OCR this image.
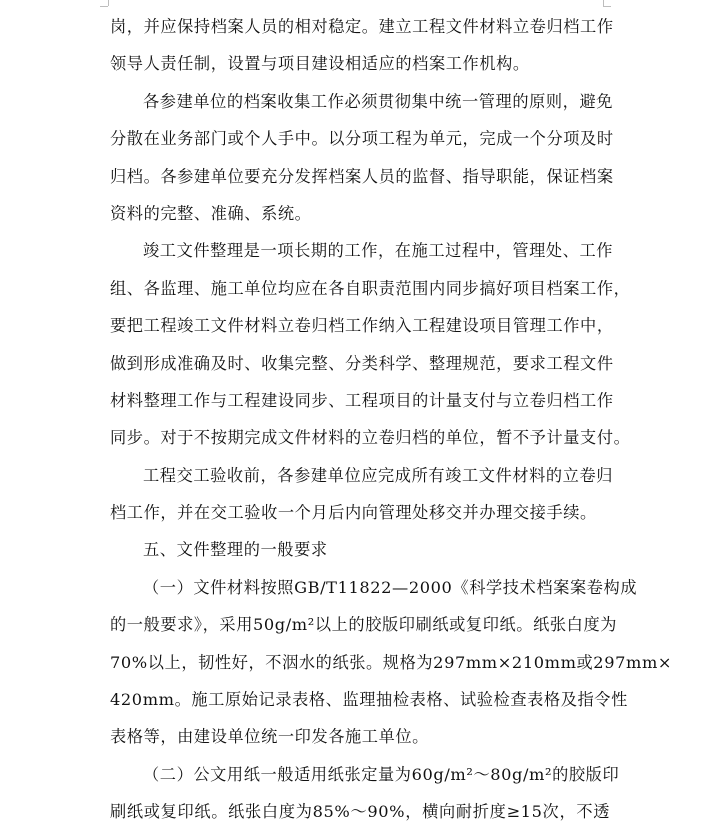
岗，并应保持档案人员的相对稳定。建立工程文件材料立卷归档工作
领导人责任制，设置与项目建设相适应的档案工作机构。
各参建单位的档案收集工作必须贯彻集中统一管理的原则，避免
分散在业务部门或个人手中。以分项工程为单元，完成一个分项及时
归档。各参建单位要充分发挥档案人员的监督、指导职能，保证档案
资料的完整、准确、系统。
竣工文件整理是一项长期的工作，在施工过程中，管理处、工作
组、各监理、施工单位均应在各自职责范围内同步搞好项目档案工作，
要把工程竣工文件材料立卷归档工作纳入工程建设项目管理工作中，
做到形成准确及时、收集完整、分类科学、整理规范，要求工程文件
材料整理工作与工程建设同步、工程项目的计量支付与立卷归档工作
同步。对于不按期完成文件材料的立卷归档的单位，暂不予计量支付。
工程交工验收前，各参建单位应完成所有竣工文件材料的立卷归
档工作，并在交工验收一个月后内向管理处移交并办理交接手续。
五、文件整理的一般要求
（一）文件材料按照GB/T11822—2000《科学技术档案案卷构成
的一般要求》，采用50g/m²以上的胶版印刷纸或复印纸。纸张白度为
70%以上，韧性好，不洇水的纸张。规格为297mm×210mm或297mm×
420mm。施工原始记录表格、监理抽检表格、试验检查表格及指令性
表格等，由建设单位统一印发各施工单位。
（二）公文用纸一般适用纸张定量为60g/m²～80g/m²的胶版印
刷纸或复印纸。纸张白度为85%～90%，横向耐折度≥15次，不透
